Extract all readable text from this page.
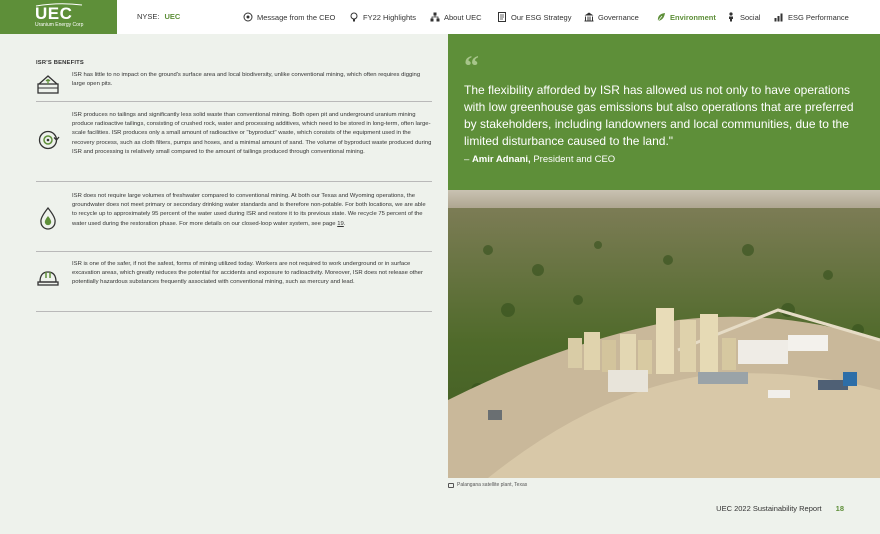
UEC
Uranium Energy Corp
NYSE: UEC	Message from the CEO	FY22 Highlights	About UEC	Our ESG Strategy	Governance	Environment	Social	ESG Performance
ISR'S BENEFITS

ISR has little to no impact on the ground's surface area and local biodiversity, unlike conventional mining, which often requires digging large open pits.

ISR produces no tailings and significantly less solid waste than conventional mining. Both open pit and underground uranium mining produce radioactive tailings, consisting of crushed rock, water and processing additives, which need to be stored in long-term, often large-scale facilities. ISR produces only a small amount of radioactive or "byproduct" waste, which consists of the equipment used in the recovery process, such as cloth filters, pumps and hoses, and a minimal amount of sand. The volume of byproduct waste produced during ISR and processing is relatively small compared to the amount of tailings produced through conventional mining.

ISR does not require large volumes of freshwater compared to conventional mining. At both our Texas and Wyoming operations, the groundwater does not meet primary or secondary drinking water standards and is therefore non-potable. For both locations, we are able to recycle up to approximately 95 percent of the water used during ISR and restore it to its previous state. We recycle 75 percent of the water used during the restoration phase. For more details on our closed-loop water system, see page 19.

ISR is one of the safer, if not the safest, forms of mining utilized today. Workers are not required to work underground or in surface excavation areas, which greatly reduces the potential for accidents and exposure to radioactivity. Moreover, ISR does not release other potentially hazardous substances frequently associated with conventional mining, such as mercury and lead.

“
The flexibility afforded by ISR has allowed us not only to have operations with low greenhouse gas emissions but also operations that are preferred by stakeholders, including landowners and local communities, due to the limited disturbance caused to the land."
– Amir Adnani, President and CEO
Palangana satellite plant, Texas
UEC 2022 Sustainability Report 18
